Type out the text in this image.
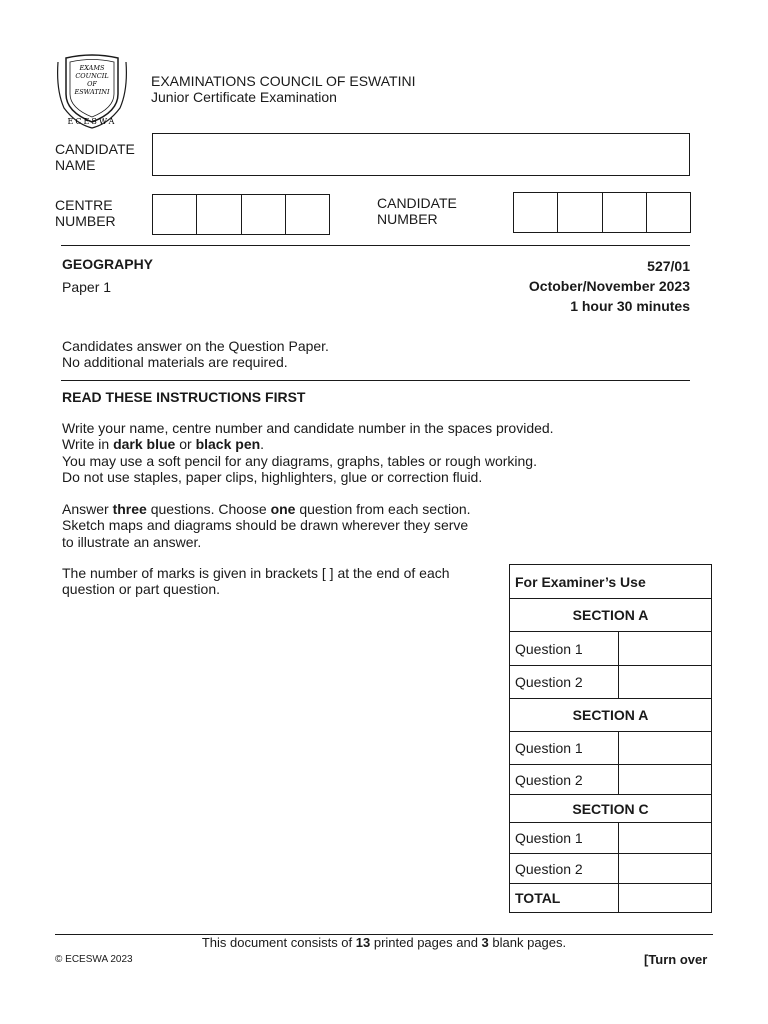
EXAMS
COUNCIL
OF
ESWATINI
ECESWA
EXAMINATIONS COUNCIL OF ESWATINI
Junior Certificate Examination
CANDIDATE
NAME
CENTRE
NUMBER
CANDIDATE
NUMBER
GEOGRAPHY	527/01
Paper 1	October/November 2023
1 hour 30 minutes
Candidates answer on the Question Paper.
No additional materials are required.
READ THESE INSTRUCTIONS FIRST
Write your name, centre number and candidate number in the spaces provided.
Write in dark blue or black pen.
You may use a soft pencil for any diagrams, graphs, tables or rough working.
Do not use staples, paper clips, highlighters, glue or correction fluid.
Answer three questions. Choose one question from each section.
Sketch maps and diagrams should be drawn wherever they serve
to illustrate an answer.
The number of marks is given in brackets [ ] at the end of each
question or part question.	For Examiner’s Use	
SECTION A	
Question 1	
Question 2	
SECTION A	
Question 1	
Question 2	
SECTION C	
Question 1	
Question 2	
TOTAL	
This document consists of 13 printed pages and 3 blank pages.
© ECESWA 2023	[Turn over
